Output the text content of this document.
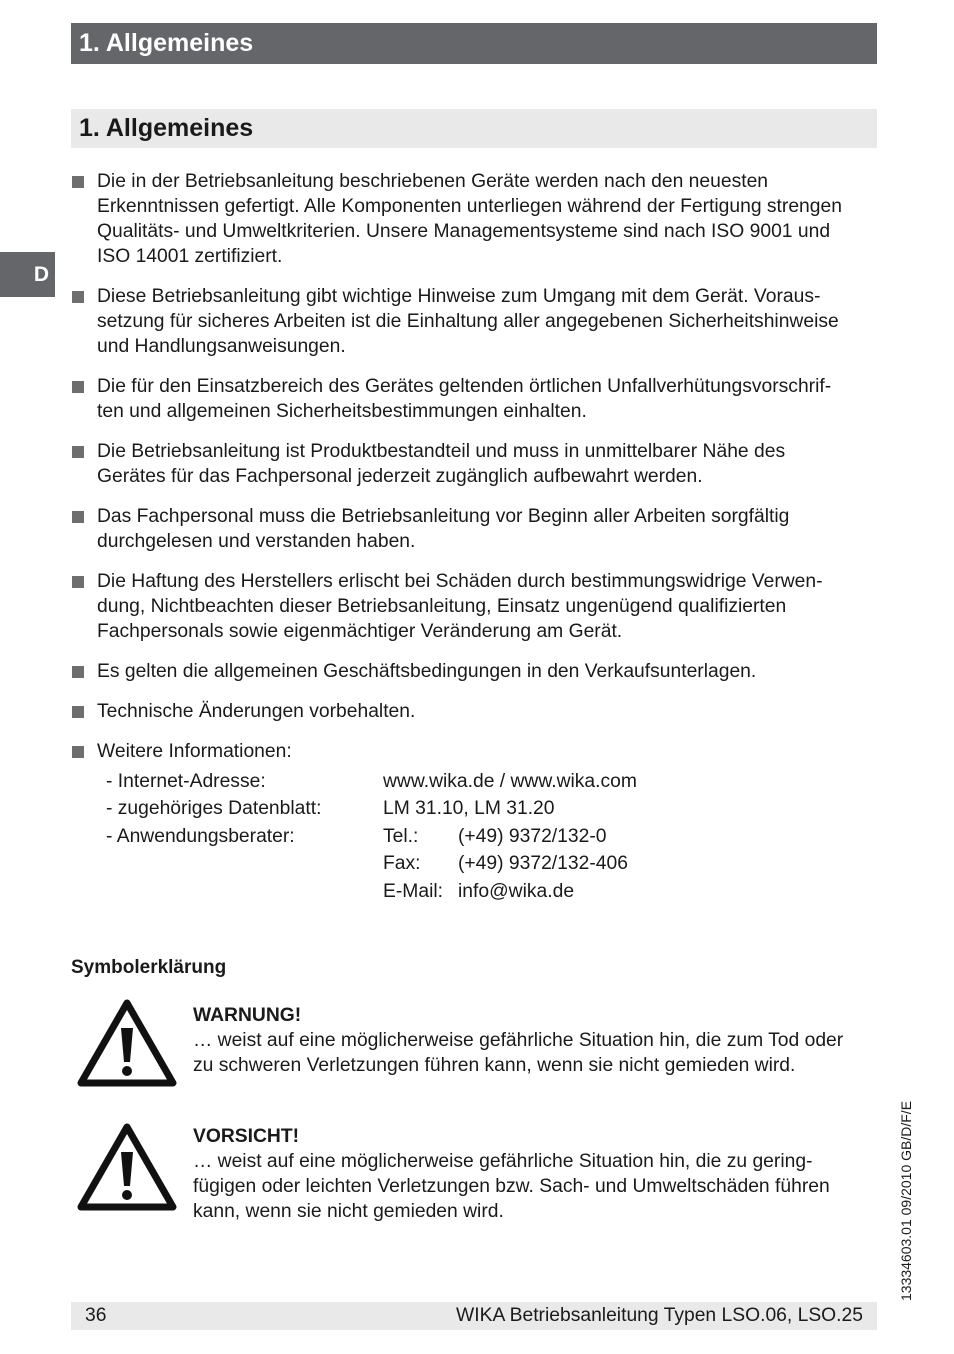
1. Allgemeines
1. Allgemeines
D
Die in der Betriebsanleitung beschriebenen Geräte werden nach den neuesten
Erkenntnissen gefertigt. Alle Komponenten unterliegen während der Fertigung strengen
Qualitäts- und Umweltkriterien. Unsere Managementsysteme sind nach ISO 9001 und
ISO 14001 zertifiziert.
Diese Betriebsanleitung gibt wichtige Hinweise zum Umgang mit dem Gerät. Voraus-
setzung für sicheres Arbeiten ist die Einhaltung aller angegebenen Sicherheitshinweise
und Handlungsanweisungen.
Die für den Einsatzbereich des Gerätes geltenden örtlichen Unfallverhütungsvorschrif-
ten und allgemeinen Sicherheitsbestimmungen einhalten.
Die Betriebsanleitung ist Produktbestandteil und muss in unmittelbarer Nähe des
Gerätes für das Fachpersonal jederzeit zugänglich aufbewahrt werden.
Das Fachpersonal muss die Betriebsanleitung vor Beginn aller Arbeiten sorgfältig
durchgelesen und verstanden haben.
Die Haftung des Herstellers erlischt bei Schäden durch bestimmungswidrige Verwen-
dung, Nichtbeachten dieser Betriebsanleitung, Einsatz ungenügend qualifizierten
Fachpersonals sowie eigenmächtiger Veränderung am Gerät.
Es gelten die allgemeinen Geschäftsbedingungen in den Verkaufsunterlagen.
Technische Änderungen vorbehalten.
Weitere Informationen:
- Internet-Adresse:	www.wika.de / www.wika.com	
- zugehöriges Datenblatt:	LM 31.10, LM 31.20	
- Anwendungsberater:	Tel.:	(+49) 9372/132-0
	Fax:	(+49) 9372/132-406
	E-Mail:	info@wika.de
Symbolerklärung
WARNUNG!
… weist auf eine möglicherweise gefährliche Situation hin, die zum Tod oder
zu schweren Verletzungen führen kann, wenn sie nicht gemieden wird.
VORSICHT!
… weist auf eine möglicherweise gefährliche Situation hin, die zu gering-
fügigen oder leichten Verletzungen bzw. Sach- und Umweltschäden führen
kann, wenn sie nicht gemieden wird.	13334603.01 09/2010 GB/D/F/E
36	WIKA Betriebsanleitung Typen LSO.06, LSO.25
